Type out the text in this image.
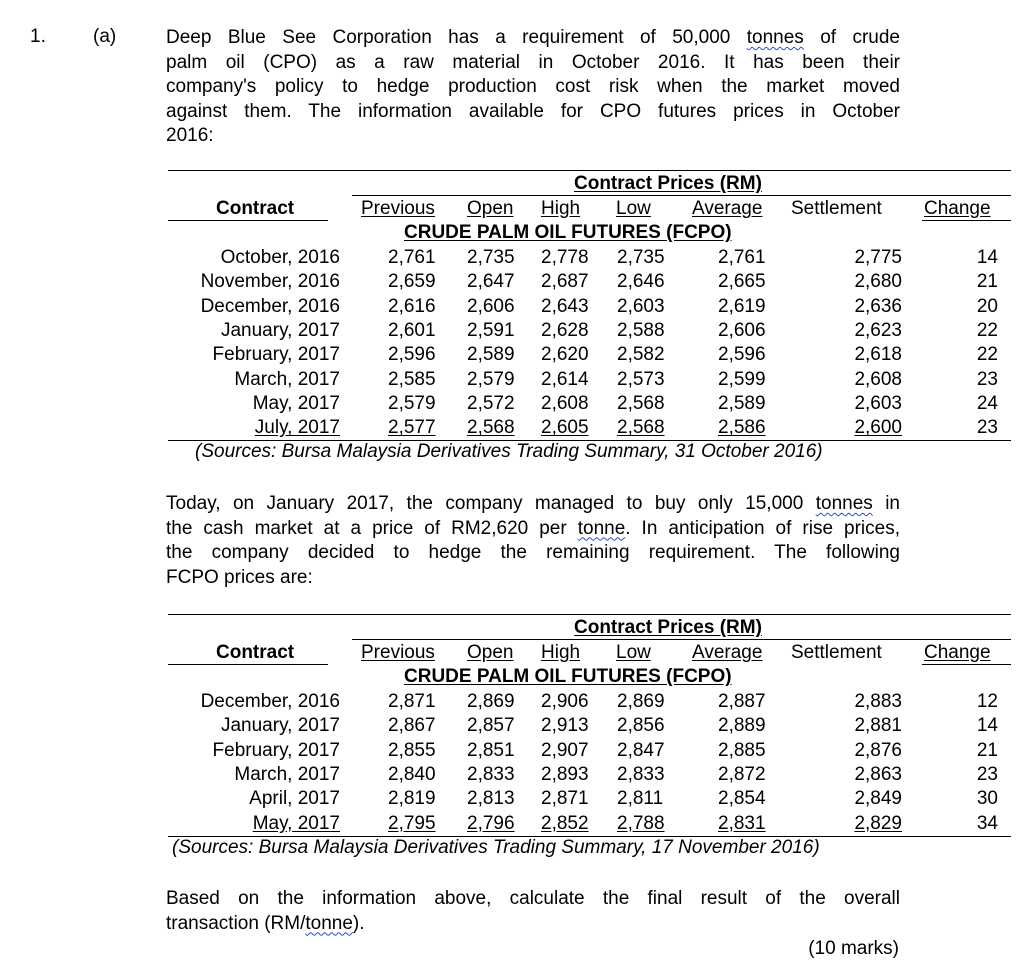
1. (a)	Deep Blue See Corporation has a requirement of 50,000 tonnes of crude
palm oil (CPO) as a raw material in October 2016. It has been their
company's policy to hedge production cost risk when the market moved
against them. The information available for CPO futures prices in October
2016:
Contract Prices (RM)
Contract	Previous Open High Low Average Settlement Change
CRUDE PALM OIL FUTURES (FCPO)
October, 2016	2,761 2,735 2,778 2,735	2,761	2,775	14
November, 2016	2,659 2,647 2,687 2,646	2,665	2,680	21
December, 2016	2,616 2,606 2,643 2,603	2,619	2,636	20
January, 2017	2,601 2,591 2,628 2,588	2,606	2,623	22
February, 2017	2,596 2,589 2,620 2,582	2,596	2,618	22
March, 2017	2,585 2,579 2,614 2,573	2,599	2,608	23
May, 2017	2,579 2,572 2,608 2,568	2,589	2,603	24
July, 2017	2,577 2,568 2,605 2,568	2,586	2,600	23
(Sources: Bursa Malaysia Derivatives Trading Summary, 31 October 2016)
Today, on January 2017, the company managed to buy only 15,000 tonnes in
the cash market at a price of RM2,620 per tonne. In anticipation of rise prices,
the company decided to hedge the remaining requirement. The following
FCPO prices are:
Contract Prices (RM)
Contract	Previous Open High Low Average Settlement Change
CRUDE PALM OIL FUTURES (FCPO)
December, 2016	2,871 2,869 2,906 2,869	2,887	2,883	12
January, 2017	2,867 2,857 2,913 2,856	2,889	2,881	14
February, 2017	2,855 2,851 2,907 2,847	2,885	2,876	21
March, 2017	2,840 2,833 2,893 2,833	2,872	2,863	23
April, 2017	2,819 2,813 2,871 2,811	2,854	2,849	30
May, 2017	2,795 2,796 2,852 2,788	2,831	2,829	34
(Sources: Bursa Malaysia Derivatives Trading Summary, 17 November 2016)
Based on the information above, calculate the final result of the overall
transaction (RM/tonne).
(10 marks)
